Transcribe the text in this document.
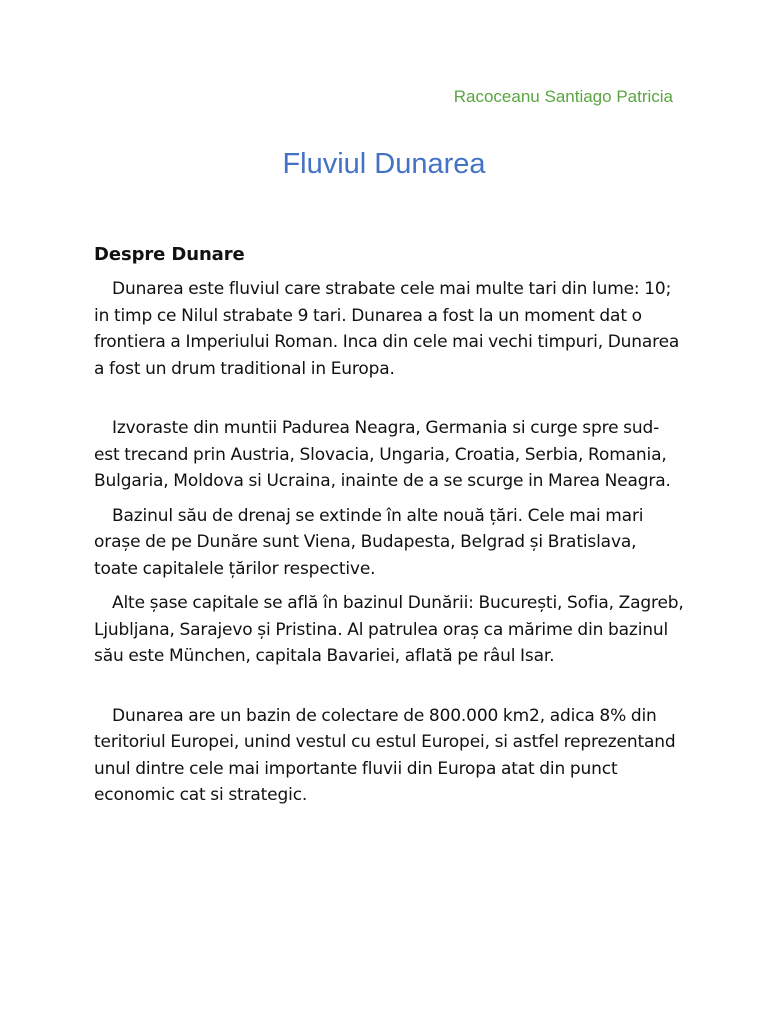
Racoceanu Santiago Patricia
Fluviul Dunarea
Despre Dunare

Dunarea este fluviul care strabate cele mai multe tari din lume: 10; in timp ce Nilul strabate 9 tari. Dunarea a fost la un moment dat o frontiera a Imperiului Roman. Inca din cele mai vechi timpuri, Dunarea a fost un drum traditional in Europa.

Izvoraste din muntii Padurea Neagra, Germania si curge spre sud-est trecand prin Austria, Slovacia, Ungaria, Croatia, Serbia, Romania, Bulgaria, Moldova si Ucraina, inainte de a se scurge in Marea Neagra.

Bazinul său de drenaj se extinde în alte nouă țări. Cele mai mari orașe de pe Dunăre sunt Viena, Budapesta, Belgrad și Bratislava, toate capitalele țărilor respective.

Alte șase capitale se află în bazinul Dunării: București, Sofia, Zagreb, Ljubljana, Sarajevo și Pristina. Al patrulea oraș ca mărime din bazinul său este München, capitala Bavariei, aflată pe râul Isar.

Dunarea are un bazin de colectare de 800.000 km2, adica 8% din teritoriul Europei, unind vestul cu estul Europei, si astfel reprezentand unul dintre cele mai importante fluvii din Europa atat din punct economic cat si strategic.
